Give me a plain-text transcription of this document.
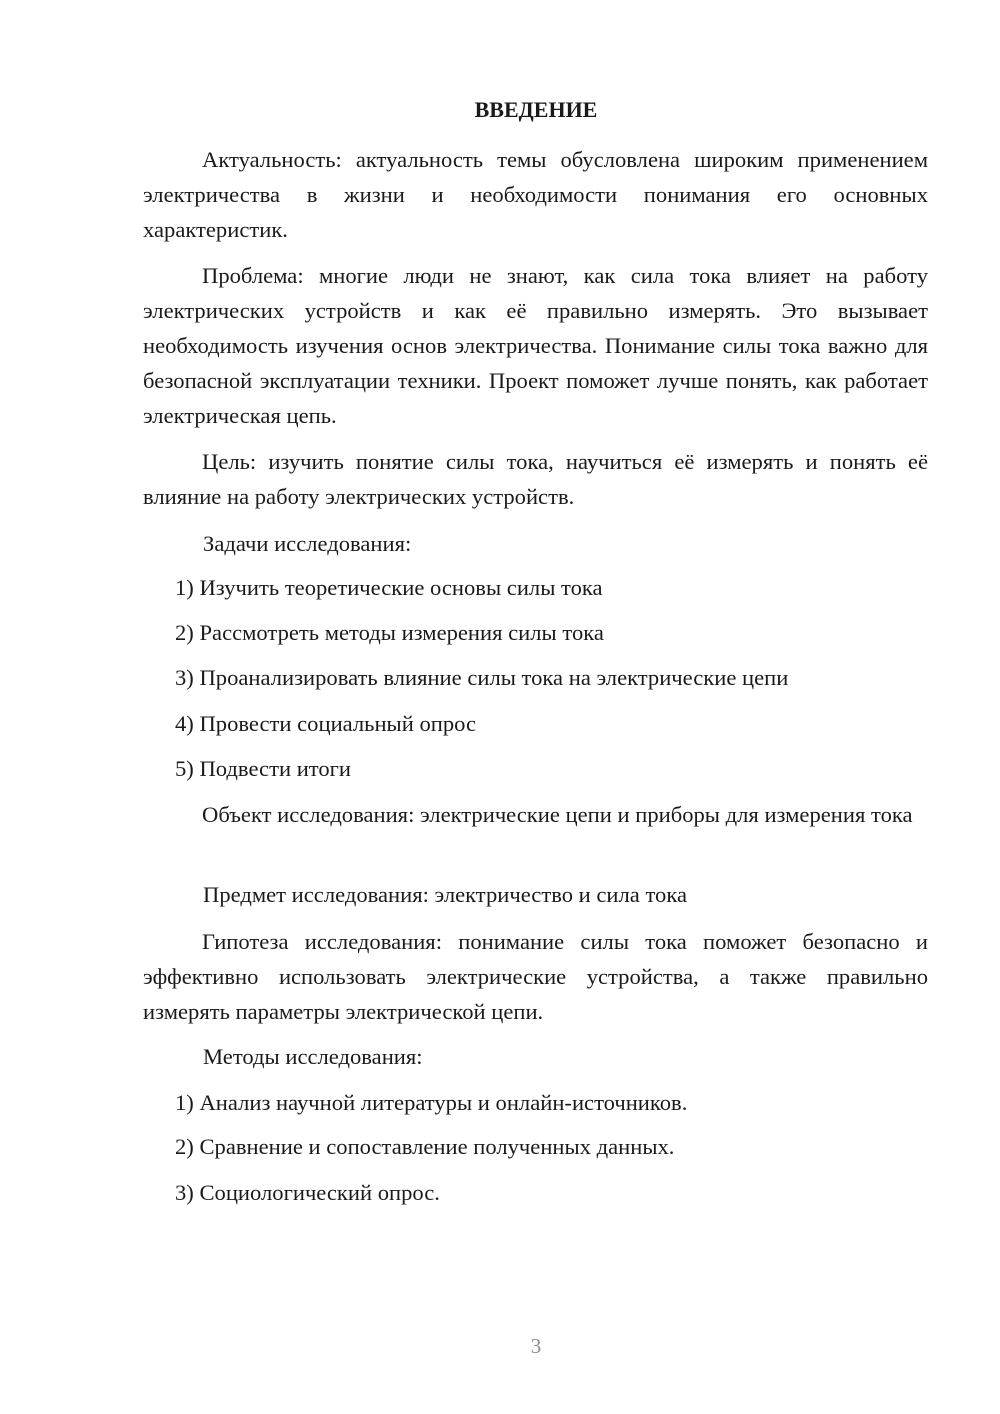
ВВЕДЕНИЕ

Актуальность: актуальность темы обусловлена широким применением электричества в жизни и необходимости понимания его основных характеристик.

Проблема: многие люди не знают, как сила тока влияет на работу электрических устройств и как её правильно измерять. Это вызывает необходимость изучения основ электричества. Понимание силы тока важно для безопасной эксплуатации техники. Проект поможет лучше понять, как работает электрическая цепь.

Цель: изучить понятие силы тока, научиться её измерять и понять её влияние на работу электрических устройств.

Задачи исследования:

1) Изучить теоретические основы силы тока

2) Рассмотреть методы измерения силы тока

3) Проанализировать влияние силы тока на электрические цепи

4) Провести социальный опрос

5) Подвести итоги

Объект исследования: электрические цепи и приборы для измерения тока

Предмет исследования: электричество и сила тока

Гипотеза исследования: понимание силы тока поможет безопасно и эффективно использовать электрические устройства, а также правильно измерять параметры электрической цепи.

Методы исследования:

1) Анализ научной литературы и онлайн-источников.

2) Сравнение и сопоставление полученных данных.

3) Социологический опрос.

3
